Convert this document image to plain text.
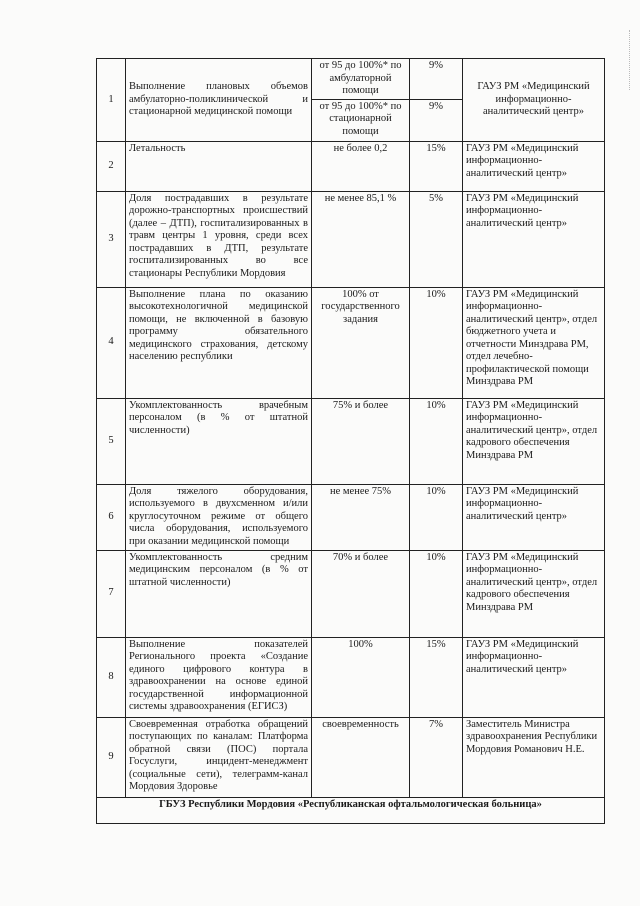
1	Выполнение плановых объемов амбулаторно-поликлинической и стационарной медицинской помощи	от 95 до 100%* по амбулаторной помощи	9%	ГАУЗ РМ «Медицинский информационно-аналитический центр»
		от 95 до 100%* по стационарной помощи	9%	
2	Летальность	не более 0,2	15%	ГАУЗ РМ «Медицинский информационно-аналитический центр»
3	Доля пострадавших в результате дорожно-транспортных происшествий (далее – ДТП), госпитализированных в травм центры 1 уровня, среди всех пострадавших в ДТП, результате госпитализированных во все стационары Республики Мордовия	не менее 85,1 %	5%	ГАУЗ РМ «Медицинский информационно-аналитический центр»
4	Выполнение плана по оказанию высокотехнологичной медицинской помощи, не включенной в базовую программу обязательного медицинского страхования, детскому населению республики	100% от государственного задания	10%	ГАУЗ РМ «Медицинский информационно-аналитический центр», отдел бюджетного учета и отчетности Минздрава РМ, отдел лечебно-профилактической помощи Минздрава РМ
5	Укомплектованность врачебным персоналом (в % от штатной численности)	75% и более	10%	ГАУЗ РМ «Медицинский информационно-аналитический центр», отдел кадрового обеспечения Минздрава РМ
6	Доля тяжелого оборудования, используемого в двухсменном и/или круглосуточном режиме от общего числа оборудования, используемого при оказании медицинской помощи	не менее 75%	10%	ГАУЗ РМ «Медицинский информационно-аналитический центр»
7	Укомплектованность средним медицинским персоналом (в % от штатной численности)	70% и более	10%	ГАУЗ РМ «Медицинский информационно-аналитический центр», отдел кадрового обеспечения Минздрава РМ
8	Выполнение показателей Регионального проекта «Создание единого цифрового контура в здравоохранении на основе единой государственной информационной системы здравоохранения (ЕГИСЗ)	100%	15%	ГАУЗ РМ «Медицинский информационно-аналитический центр»
9	Своевременная отработка обращений поступающих по каналам: Платформа обратной связи (ПОС) портала Госуслуги, инцидент-менеджмент (социальные сети), телеграмм-канал Мордовия Здоровье	своевременность	7%	Заместитель Министра здравоохранения Республики Мордовия Романович Н.Е.
ГБУЗ Республики Мордовия «Республиканская офтальмологическая больница»				
